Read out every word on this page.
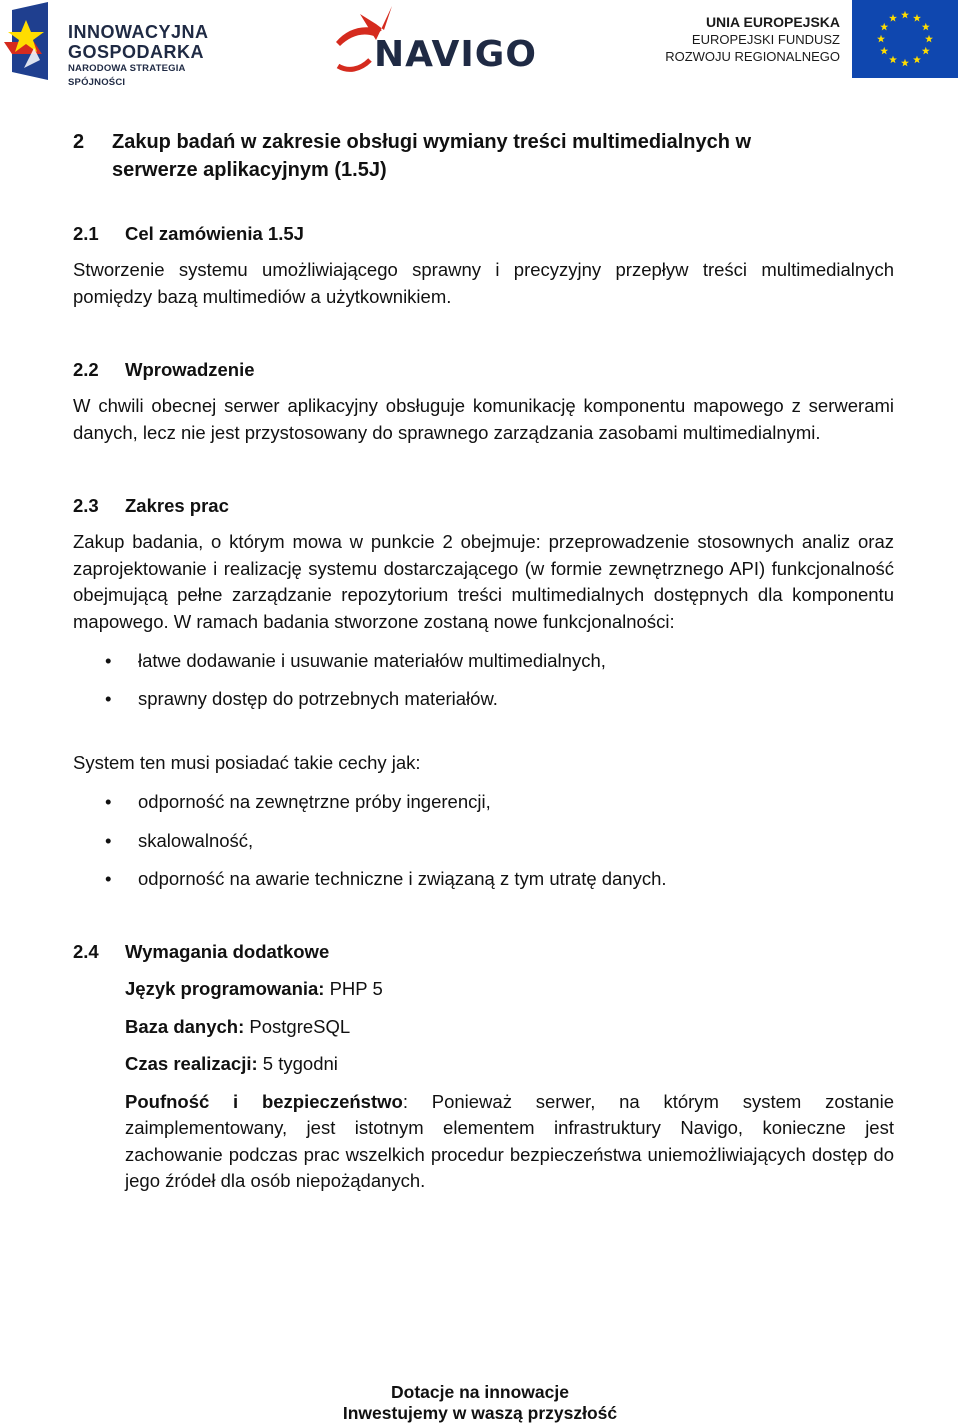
INNOWACYJNA
GOSPODARKA
NARODOWA STRATEGIA SPÓJNOŚCI
NAVIGO
UNIA EUROPEJSKA
EUROPEJSKI FUNDUSZ
ROZWOJU REGIONALNEGO
2	Zakup badań w zakresie obsługi wymiany treści multimedialnych w
serwerze aplikacyjnym (1.5J)
2.1	Cel zamówienia 1.5J

Stworzenie systemu umożliwiającego sprawny i precyzyjny przepływ treści multimedialnych pomiędzy bazą multimediów a użytkownikiem.

2.2	Wprowadzenie

W chwili obecnej serwer aplikacyjny obsługuje komunikację komponentu mapowego z serwerami danych, lecz nie jest przystosowany do sprawnego zarządzania zasobami multimedialnymi.

2.3	Zakres prac

Zakup badania, o którym mowa w punkcie 2 obejmuje: przeprowadzenie stosownych analiz oraz zaprojektowanie i realizację systemu dostarczającego (w formie zewnętrznego API) funkcjonalność obejmującą pełne zarządzanie repozytorium treści multimedialnych dostępnych dla komponentu mapowego. W ramach badania stworzone zostaną nowe funkcjonalności:

• łatwe dodawanie i usuwanie materiałów multimedialnych,
• sprawny dostęp do potrzebnych materiałów.

System ten musi posiadać takie cechy jak:

• odporność na zewnętrzne próby ingerencji,
• skalowalność,
• odporność na awarie techniczne i związaną z tym utratę danych.
2.4	Wymagania dodatkowe

Język programowania: PHP 5

Baza danych: PostgreSQL

Czas realizacji: 5 tygodni

Poufność i bezpieczeństwo: Ponieważ serwer, na którym system zostanie zaimplementowany, jest istotnym elementem infrastruktury Navigo, konieczne jest zachowanie podczas prac wszelkich procedur bezpieczeństwa uniemożliwiających dostęp do jego źródeł dla osób niepożądanych.

Dotacje na innowacje
Inwestujemy w waszą przyszłość
